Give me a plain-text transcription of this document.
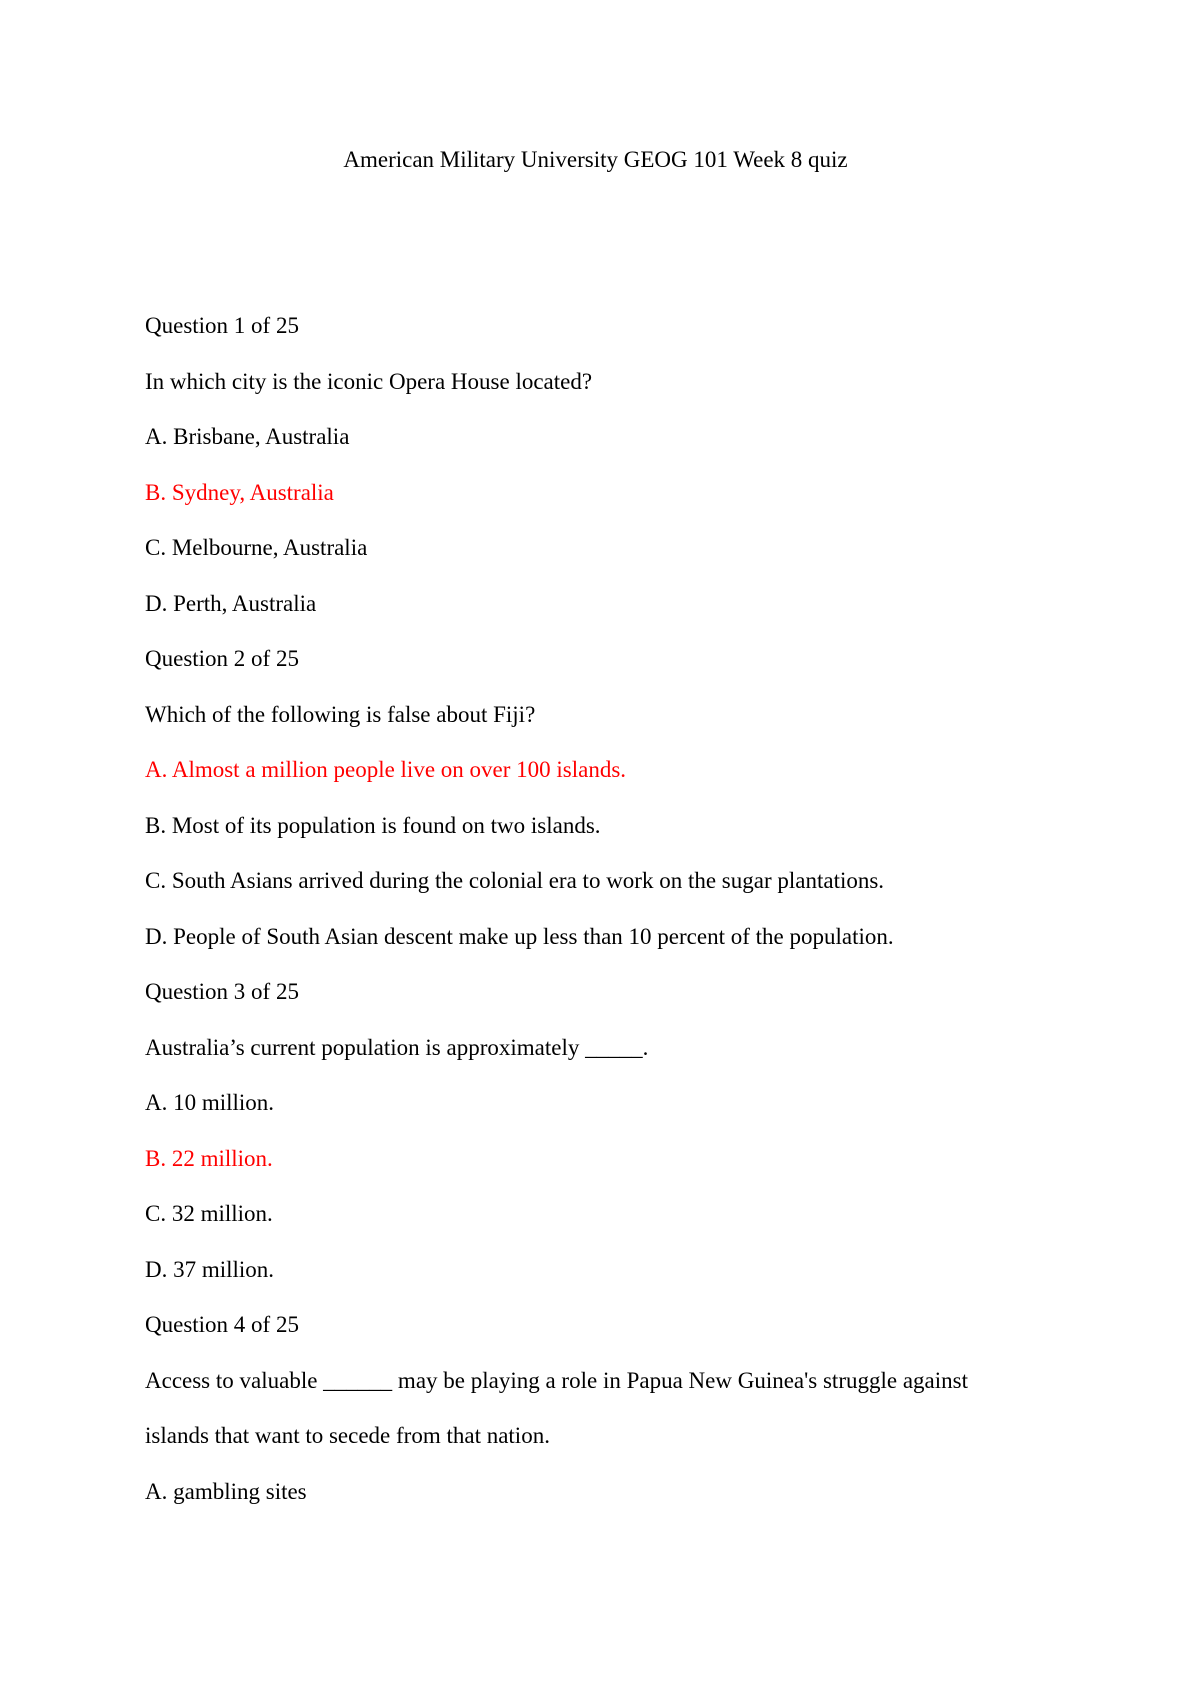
American Military University GEOG 101 Week 8 quiz
Question 1 of 25
In which city is the iconic Opera House located?
A. Brisbane, Australia
B. Sydney, Australia
C. Melbourne, Australia
D. Perth, Australia
Question 2 of 25
Which of the following is false about Fiji?
A. Almost a million people live on over 100 islands.
B. Most of its population is found on two islands.
C. South Asians arrived during the colonial era to work on the sugar plantations.
D. People of South Asian descent make up less than 10 percent of the population.
Question 3 of 25
Australia’s current population is approximately _____.
A. 10 million.
B. 22 million.
C. 32 million.
D. 37 million.
Question 4 of 25
Access to valuable ______ may be playing a role in Papua New Guinea's struggle against
islands that want to secede from that nation.
A. gambling sites
